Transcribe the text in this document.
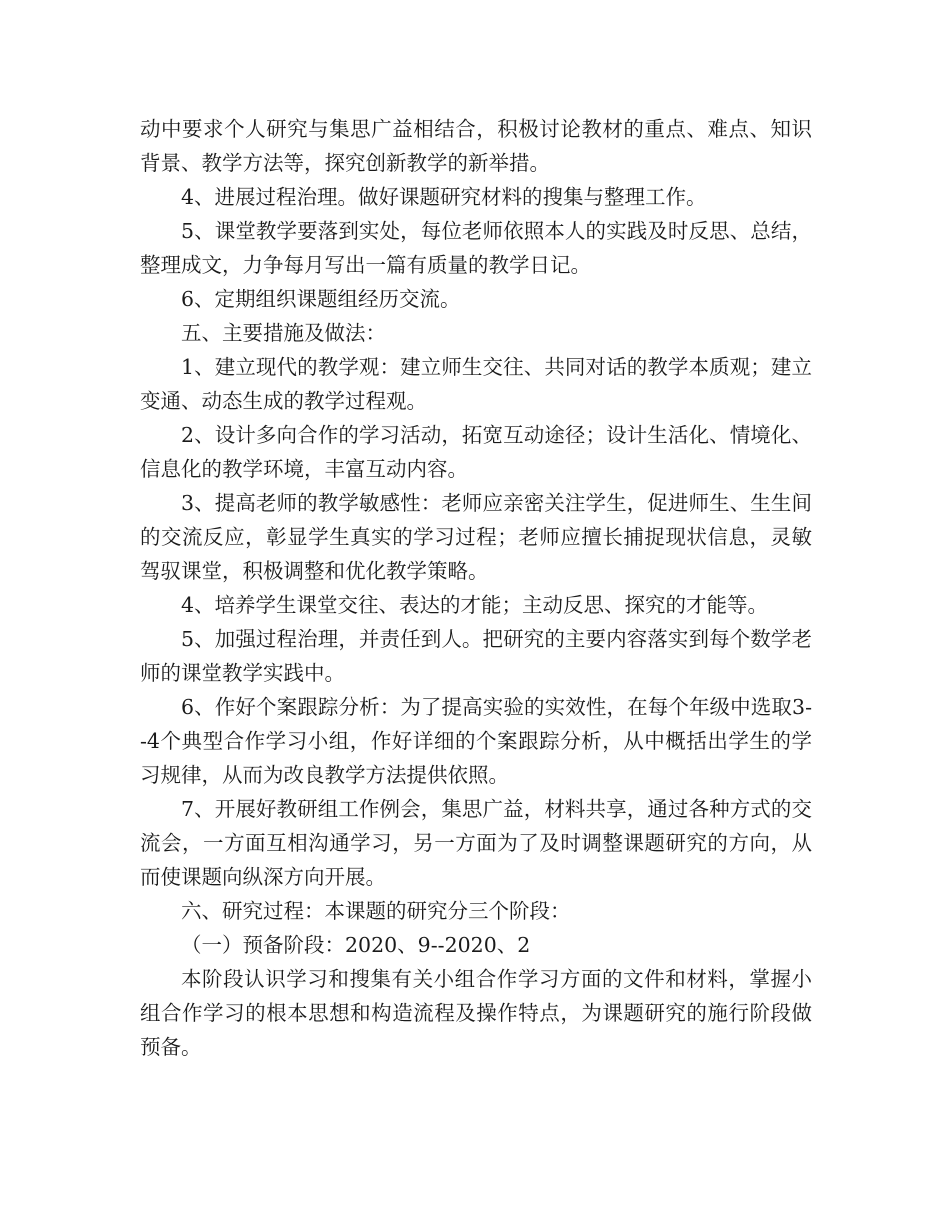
动中要求个人研究与集思广益相结合，积极讨论教材的重点、难点、知识背景、教学方法等，探究创新教学的新举措。

4、进展过程治理。做好课题研究材料的搜集与整理工作。

5、课堂教学要落到实处，每位老师依照本人的实践及时反思、总结，整理成文，力争每月写出一篇有质量的教学日记。

6、定期组织课题组经历交流。

五、主要措施及做法：

1、建立现代的教学观：建立师生交往、共同对话的教学本质观；建立变通、动态生成的教学过程观。

2、设计多向合作的学习活动，拓宽互动途径；设计生活化、情境化、信息化的教学环境，丰富互动内容。

3、提高老师的教学敏感性：老师应亲密关注学生，促进师生、生生间的交流反应，彰显学生真实的学习过程；老师应擅长捕捉现状信息，灵敏驾驭课堂，积极调整和优化教学策略。

4、培养学生课堂交往、表达的才能；主动反思、探究的才能等。

5、加强过程治理，并责任到人。把研究的主要内容落实到每个数学老师的课堂教学实践中。

6、作好个案跟踪分析：为了提高实验的实效性，在每个年级中选取3--4个典型合作学习小组，作好详细的个案跟踪分析，从中概括出学生的学习规律，从而为改良教学方法提供依照。

7、开展好教研组工作例会，集思广益，材料共享，通过各种方式的交流会，一方面互相沟通学习，另一方面为了及时调整课题研究的方向，从而使课题向纵深方向开展。

六、研究过程：本课题的研究分三个阶段：

（一）预备阶段：2020、9--2020、2

本阶段认识学习和搜集有关小组合作学习方面的文件和材料，掌握小组合作学习的根本思想和构造流程及操作特点，为课题研究的施行阶段做预备。
